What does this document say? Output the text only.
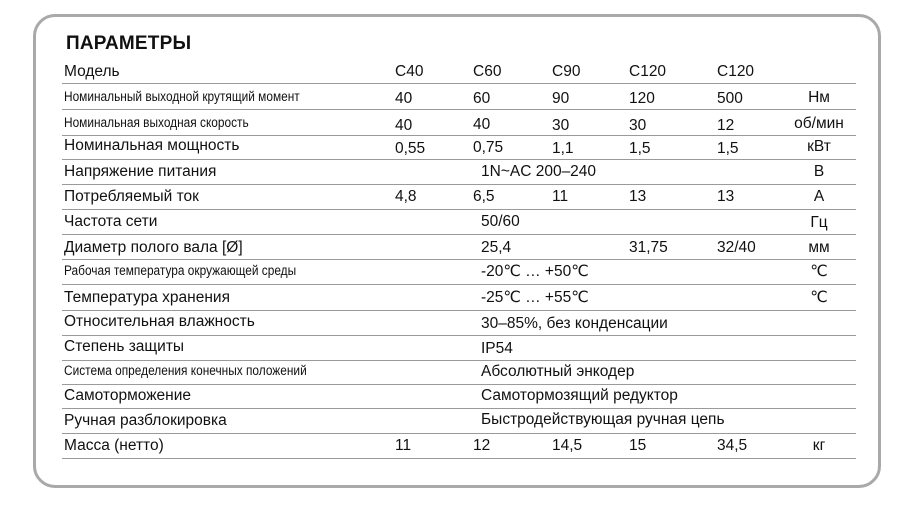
ПАРАМЕТРЫ
Модель	C40	C60	C90	C120	C120
Номинальный выходной крутящий момент	40	60	90	120	500	Нм
Номинальная выходная скорость	40	40	30	30	12	об/мин
Номинальная мощность	0,55	0,75	1,1	1,5	1,5	кВт
Напряжение питания	1N~AC 200–240	В
Потребляемый ток	4,8	6,5	11	13	13	А
Частота сети	50/60	Гц
Диаметр полого вала [Ø]	25,4	31,75	32/40	мм
Рабочая температура окружающей среды	-20℃ … +50℃	℃
Температура хранения	-25℃ … +55℃	℃
Относительная влажность	30–85%, без конденсации
Степень защиты	IP54
Система определения конечных положений	Абсолютный энкодер
Самоторможение	Самотормозящий редуктор
Ручная разблокировка	Быстродействующая ручная цепь
Масса (нетто)	11	12	14,5	15	34,5	кг
